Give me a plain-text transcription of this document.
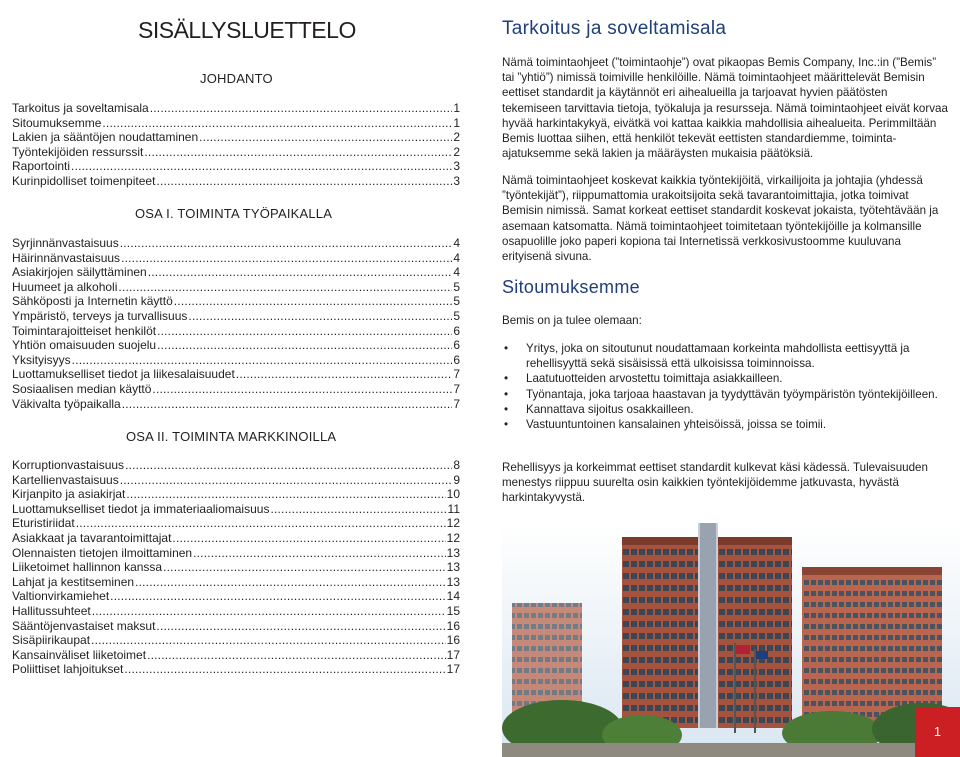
SISÄLLYSLUETTELO
JOHDANTO
Tarkoitus ja soveltamisala .....	1
Sitoumuksemme .....	1
Lakien ja sääntöjen noudattaminen .....	2
Työntekijöiden ressurssit .....	2
Raportointi .....	3
Kurinpidolliset toimenpiteet .....	3
OSA I. TOIMINTA TYÖPAIKALLA
Syrjinnänvastaisuus .....	4
Häirinnänvastaisuus .....	4
Asiakirjojen säilyttäminen .....	4
Huumeet ja alkoholi .....	5
Sähköposti ja Internetin käyttö .....	5
Ympäristö, terveys ja turvallisuus .....	5
Toimintarajoitteiset henkilöt .....	6
Yhtiön omaisuuden suojelu .....	6
Yksityisyys .....	6
Luottamukselliset tiedot ja liikesalaisuudet .....	7
Sosiaalisen median käyttö .....	7
Väkivalta työpaikalla .....	7
OSA II. TOIMINTA MARKKINOILLA
Korruptionvastaisuus .....	8
Kartellienvastaisuus .....	9
Kirjanpito ja asiakirjat .....	10
Luottamukselliset tiedot ja immateriaaliomaisuus .....	11
Eturistiriidat .....	12
Asiakkaat ja tavarantoimittajat .....	12
Olennaisten tietojen ilmoittaminen .....	13
Liiketoimet hallinnon kanssa .....	13
Lahjat ja kestitseminen .....	13
Valtionvirkamiehet .....	14
Hallitussuhteet .....	15
Sääntöjenvastaiset maksut .....	16
Sisäpiirikaupat .....	16
Kansainväliset liiketoimet .....	17
Poliittiset lahjoitukset .....	17
Tarkoitus ja soveltamisala

Nämä toimintaohjeet (”toimintaohje”) ovat pikaopas Bemis Company, Inc.:in (”Bemis” tai ”yhtiö”) nimissä toimiville henkilöille. Nämä toimintaohjeet määrittelevät Bemisin eettiset standardit ja käytännöt eri aihealueilla ja tarjoavat hyvien päätösten tekemiseen tarvittavia tietoja, työkaluja ja resursseja. Nämä toimintaohjeet eivät korvaa hyvää harkintakykyä, eivätkä voi kattaa kaikkia mahdollisia aihealueita. Perimmiltään Bemis luottaa siihen, että henkilöt tekevät eettisten standardiemme, toiminta-ajatuksemme sekä lakien ja määräysten mukaisia päätöksiä.

Nämä toimintaohjeet koskevat kaikkia työntekijöitä, virkailijoita ja johtajia (yhdessä ”työntekijät”), riippumattomia urakoitsijoita sekä tavarantoimittajia, jotka toimivat Bemisin nimissä. Samat korkeat eettiset standardit koskevat jokaista, työtehtävään ja asemaan katsomatta. Nämä toimintaohjeet toimitetaan työntekijöille ja kolmansille osapuolille joko paperi kopiona tai Internetissä verkkosivustoomme kuuluvana erityisenä sivuna.

Sitoumuksemme

Bemis on ja tulee olemaan:

• Yritys, joka on sitoutunut noudattamaan korkeinta mahdollista eettisyyttä ja rehellisyyttä sekä sisäisissä että ulkoisissa toiminnoissa.
• Laatutuotteiden arvostettu toimittaja asiakkailleen.
• Työnantaja, joka tarjoaa haastavan ja tyydyttävän työympäristön työntekijöilleen.
• Kannattava sijoitus osakkailleen.
• Vastuuntuntoinen kansalainen yhteisöissä, joissa se toimii.

Rehellisyys ja korkeimmat eettiset standardit kulkevat käsi kädessä. Tulevaisuuden menestys riippuu suurelta osin kaikkien työntekijöidemme jatkuvasta, hyvästä harkintakyvystä.

1
